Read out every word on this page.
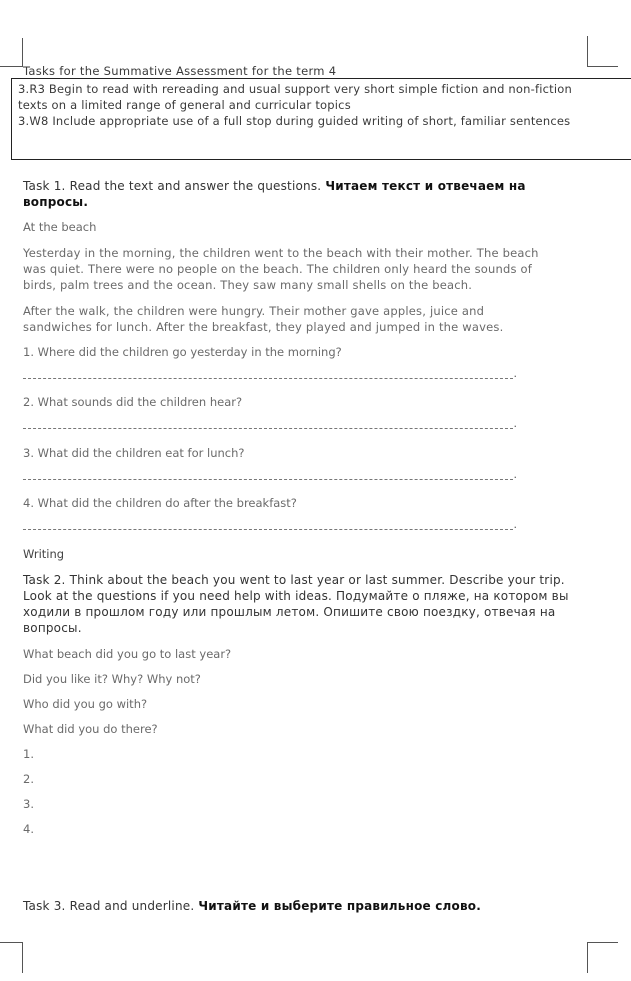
Tasks for the Summative Assessment for the term 4
3.R3 Begin to read with rereading and usual support very short simple fiction and non-fiction
texts on a limited range of general and curricular topics
3.W8 Include appropriate use of a full stop during guided writing of short, familiar sentences
Task 1. Read the text and answer the questions. Читаем текст и отвечаем на
вопросы.
At the beach
Yesterday in the morning, the children went to the beach with their mother. The beach
was quiet. There were no people on the beach. The children only heard the sounds of
birds, palm trees and the ocean. They saw many small shells on the beach.
After the walk, the children were hungry. Their mother gave apples, juice and
sandwiches for lunch. After the breakfast, they played and jumped in the waves.
1. Where did the children go yesterday in the morning?
.
2. What sounds did the children hear?
.
3. What did the children eat for lunch?
.
4. What did the children do after the breakfast?
.
Writing
Task 2. Think about the beach you went to last year or last summer. Describe your trip.
Look at the questions if you need help with ideas. Подумайте о пляже, на котором вы
ходили в прошлом году или прошлым летом. Опишите свою поездку, отвечая на
вопросы.
What beach did you go to last year?
Did you like it? Why? Why not?
Who did you go with?
What did you do there?
1.
2.
3.
4.
Task 3. Read and underline. Читайте и выберите правильное слово.
